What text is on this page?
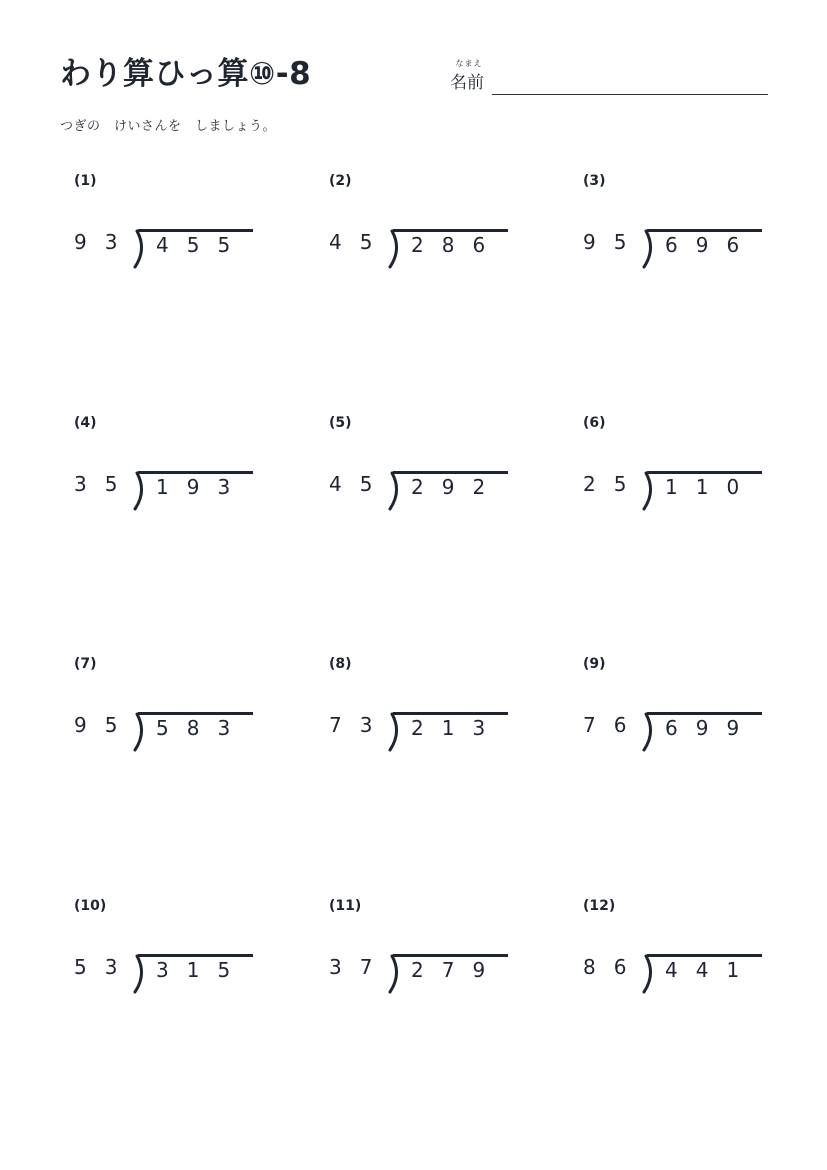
わり算ひっ算⑩-8	なまえ
名前
つぎの　けいさんを　しましょう。
(1)
93 455
(2)
45 286
(3)
95 696
(4)
35 193
(5)
45 292
(6)
25 110
(7)
95 583
(8)
73 213
(9)
76 699
(10)
53 315
(11)
37 279
(12)
86 441
